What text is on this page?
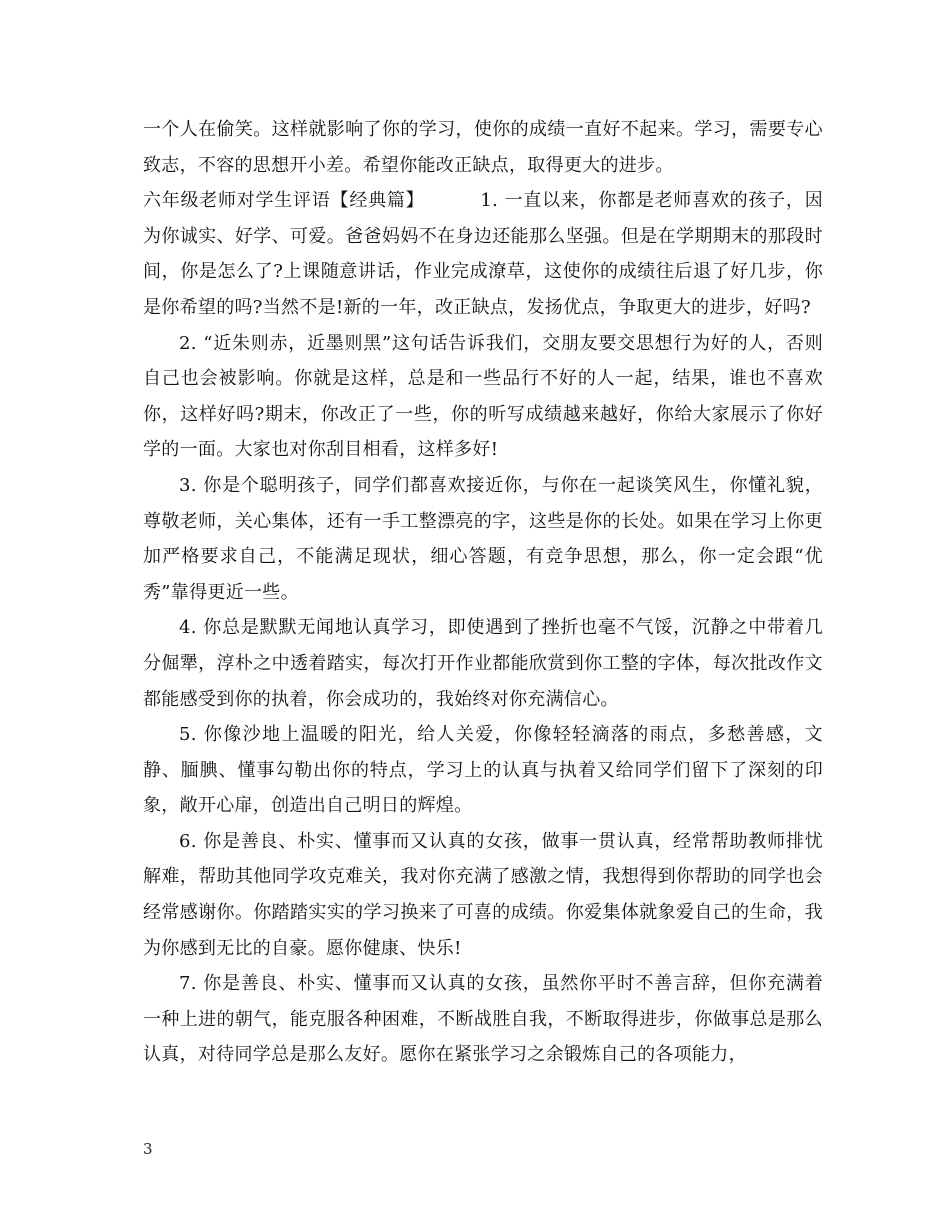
一个人在偷笑。这样就影响了你的学习，使你的成绩一直好不起来。学习，需要专心致志，不容的思想开小差。希望你能改正缺点，取得更大的进步。

六年级老师对学生评语【经典篇】	1. 一直以来，你都是老师喜欢的孩子，因为你诚实、好学、可爱。爸爸妈妈不在身边还能那么坚强。但是在学期期末的那段时间，你是怎么了?上课随意讲话，作业完成潦草，这使你的成绩往后退了好几步，你是你希望的吗?当然不是!新的一年，改正缺点，发扬优点，争取更大的进步，好吗?

2. “近朱则赤，近墨则黑”这句话告诉我们，交朋友要交思想行为好的人，否则自己也会被影响。你就是这样，总是和一些品行不好的人一起，结果，谁也不喜欢你，这样好吗?期末，你改正了一些，你的听写成绩越来越好，你给大家展示了你好学的一面。大家也对你刮目相看，这样多好!

3. 你是个聪明孩子，同学们都喜欢接近你，与你在一起谈笑风生，你懂礼貌，尊敬老师，关心集体，还有一手工整漂亮的字，这些是你的长处。如果在学习上你更加严格要求自己，不能满足现状，细心答题，有竞争思想，那么，你一定会跟“优秀”靠得更近一些。

4. 你总是默默无闻地认真学习，即使遇到了挫折也毫不气馁，沉静之中带着几分倔犟，淳朴之中透着踏实，每次打开作业都能欣赏到你工整的字体，每次批改作文都能感受到你的执着，你会成功的，我始终对你充满信心。

5. 你像沙地上温暖的阳光，给人关爱，你像轻轻滴落的雨点，多愁善感，文静、腼腆、懂事勾勒出你的特点，学习上的认真与执着又给同学们留下了深刻的印象，敞开心扉，创造出自己明日的辉煌。

6. 你是善良、朴实、懂事而又认真的女孩，做事一贯认真，经常帮助教师排忧解难，帮助其他同学攻克难关，我对你充满了感激之情，我想得到你帮助的同学也会经常感谢你。你踏踏实实的学习换来了可喜的成绩。你爱集体就象爱自己的生命，我为你感到无比的自豪。愿你健康、快乐!

7. 你是善良、朴实、懂事而又认真的女孩，虽然你平时不善言辞，但你充满着一种上进的朝气，能克服各种困难，不断战胜自我，不断取得进步，你做事总是那么认真，对待同学总是那么友好。愿你在紧张学习之余锻炼自己的各项能力，

3
